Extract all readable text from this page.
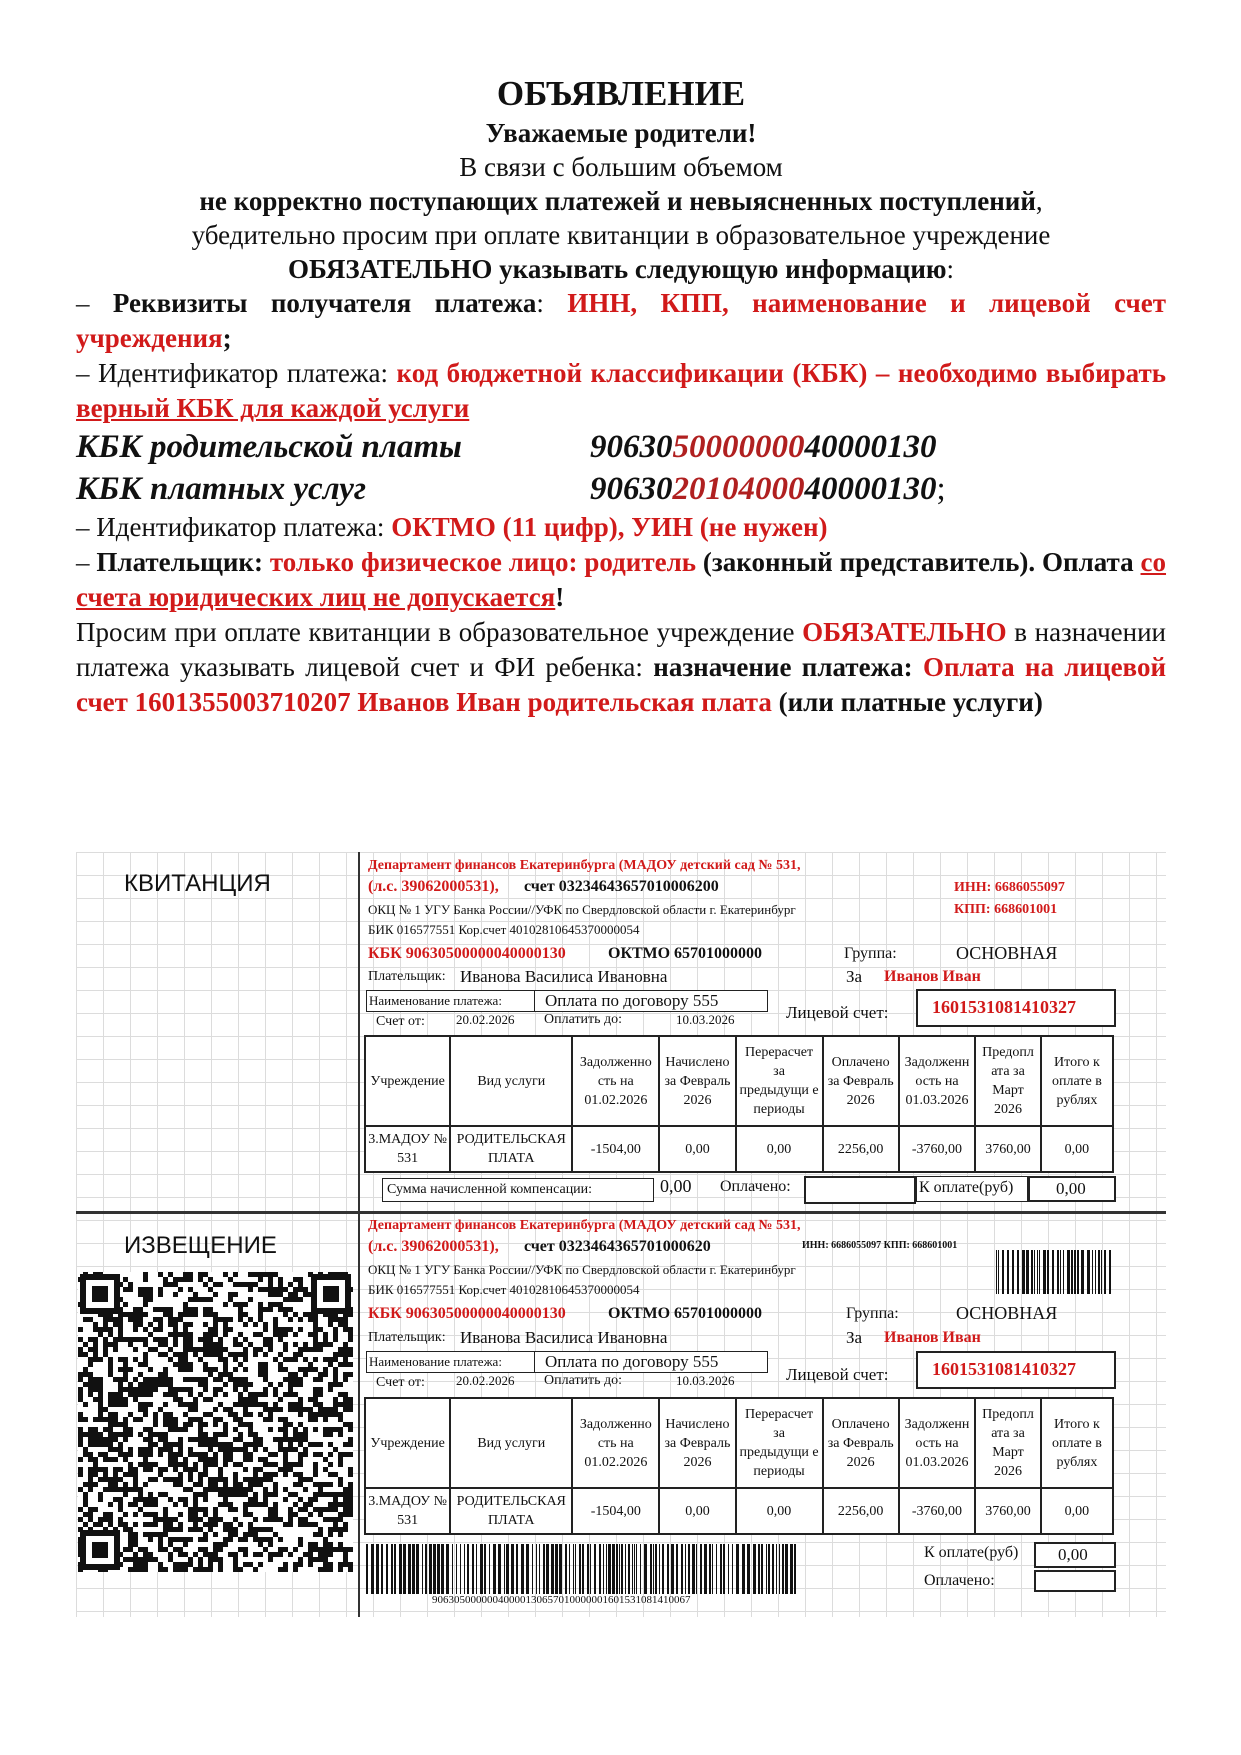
ОБЪЯВЛЕНИЕ
Уважаемые родители!
В связи с большим объемом
не корректно поступающих платежей и невыясненных поступлений,
убедительно просим при оплате квитанции в образовательное учреждение
ОБЯЗАТЕЛЬНО указывать следующую информацию:
– Реквизиты получателя платежа: ИНН, КПП, наименование и лицевой счет учреждения;
– Идентификатор платежа: код бюджетной классификации (КБК) – необходимо выбирать верный КБК для каждой услуги
КБК родительской платы	906305000000040000130
КБК платных услуг	906302010400040000130;
– Идентификатор платежа: ОКТМО (11 цифр), УИН (не нужен)
– Плательщик: только физическое лицо: родитель (законный представитель). Оплата со счета юридических лиц не допускается!
Просим при оплате квитанции в образовательное учреждение ОБЯЗАТЕЛЬНО в назначении платежа указывать лицевой счет и ФИ ребенка: назначение платежа: Оплата на лицевой счет 1601355003710207 Иванов Иван родительская плата (или платные услуги)
КВИТАНЦИЯ
ИЗВЕЩЕНИЕ
Департамент финансов Екатеринбурга (МАДОУ детский сад № 531,
(л.с. 39062000531), счет 03234643657010006200	ИНН: 6686055097
ОКЦ № 1 УГУ Банка России//УФК по Свердловской области г. Екатеринбург	КПП: 668601001
БИК 016577551 Кор.счет 40102810645370000054
КБК 90630500000040000130	ОКТМО 65701000000	Группа:	ОСНОВНАЯ
Плательщик: Иванова Василиса Ивановна	За Иванов Иван
Наименование платежа:	Оплата по договору 555
Счет от: 20.02.2026 Оплатить до:	10.03.2026	Лицевой счет: 1601531081410327
Учреждение	Вид услуги	Задолженно сть на 01.02.2026	Начислено за Февраль 2026	Перерасчет за предыдущи е периоды	Оплачено за Февраль 2026	Задолженн ость на 01.03.2026	Предопл ата за Март 2026	Итого к оплате в рублях
3.МАДОУ № 531	РОДИТЕЛЬСКАЯ ПЛАТА	-1504,00	0,00	0,00	2256,00	-3760,00	3760,00	0,00
Сумма начисленной компенсации:	0,00 Оплачено:	К оплате(руб)	0,00
Департамент финансов Екатеринбурга (МАДОУ детский сад № 531,
(л.с. 39062000531), счет 0323464365701000620	ИНН: 6686055097 КПП: 668601001
ОКЦ № 1 УГУ Банка России//УФК по Свердловской области г. Екатеринбург
БИК 016577551 Кор.счет 40102810645370000054
КБК 90630500000040000130	ОКТМО 65701000000	Группа:	ОСНОВНАЯ
Плательщик: Иванова Василиса Ивановна	За Иванов Иван
Наименование платежа:	Оплата по договору 555
Счет от: 20.02.2026 Оплатить до:	10.03.2026	Лицевой счет: 1601531081410327
Учреждение	Вид услуги	Задолженно сть на 01.02.2026	Начислено за Февраль 2026	Перерасчет за предыдущи е периоды	Оплачено за Февраль 2026	Задолженн ость на 01.03.2026	Предопл ата за Март 2026	Итого к оплате в рублях
3.МАДОУ № 531	РОДИТЕЛЬСКАЯ ПЛАТА	-1504,00	0,00	0,00	2256,00	-3760,00	3760,00	0,00
90630500000040000130657010000001601531081410067
К оплате(руб) 0,00
Оплачено:
